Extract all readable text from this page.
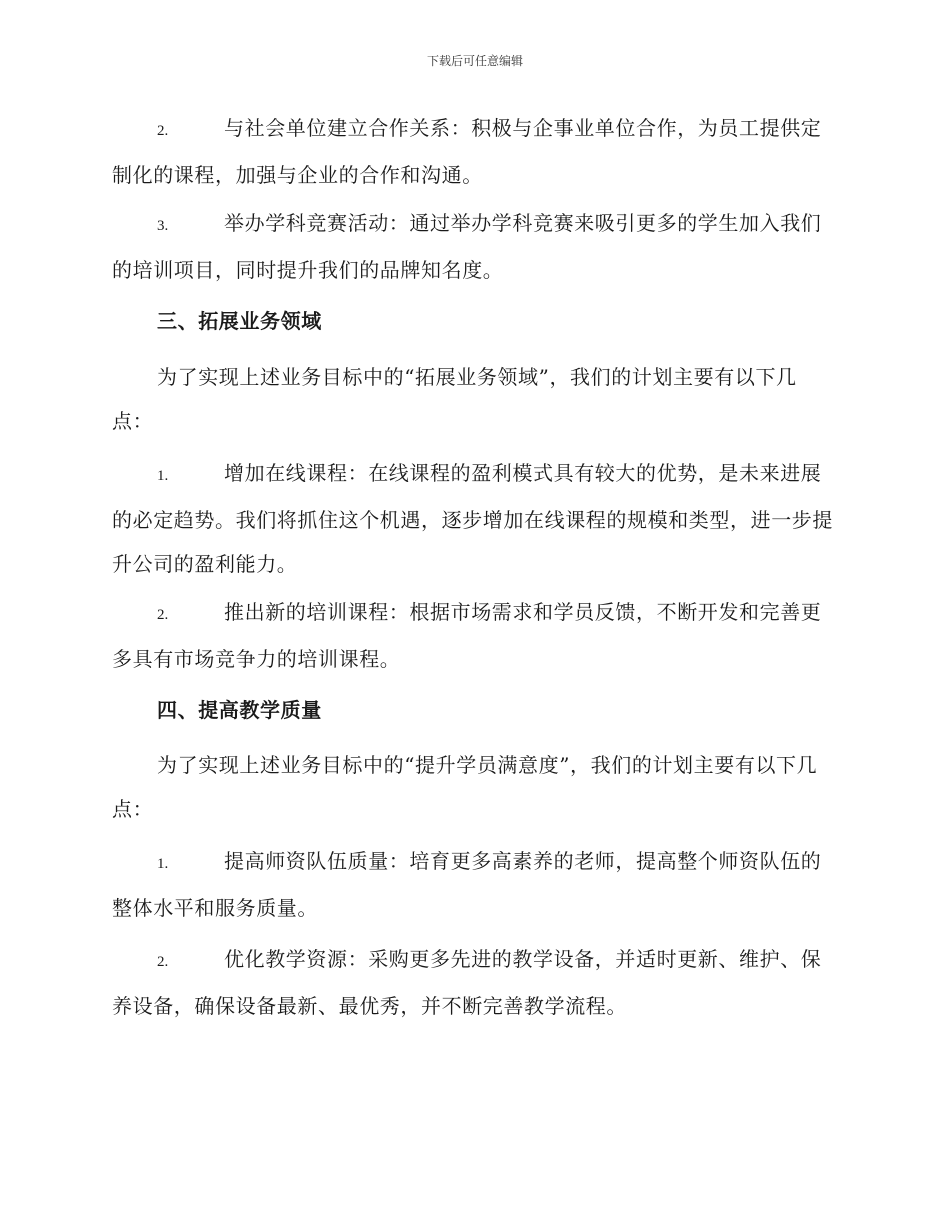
下载后可任意编辑

2.	与社会单位建立合作关系：积极与企事业单位合作，为员工提供定制化的课程，加强与企业的合作和沟通。

3.	举办学科竞赛活动：通过举办学科竞赛来吸引更多的学生加入我们的培训项目，同时提升我们的品牌知名度。

三、拓展业务领域

为了实现上述业务目标中的“拓展业务领域”，我们的计划主要有以下几点：

1.	增加在线课程：在线课程的盈利模式具有较大的优势，是未来进展的必定趋势。我们将抓住这个机遇，逐步增加在线课程的规模和类型，进一步提升公司的盈利能力。

2.	推出新的培训课程：根据市场需求和学员反馈，不断开发和完善更多具有市场竞争力的培训课程。

四、提高教学质量

为了实现上述业务目标中的“提升学员满意度”，我们的计划主要有以下几点：

1.	提高师资队伍质量：培育更多高素养的老师，提高整个师资队伍的整体水平和服务质量。

2.	优化教学资源：采购更多先进的教学设备，并适时更新、维护、保养设备，确保设备最新、最优秀，并不断完善教学流程。
